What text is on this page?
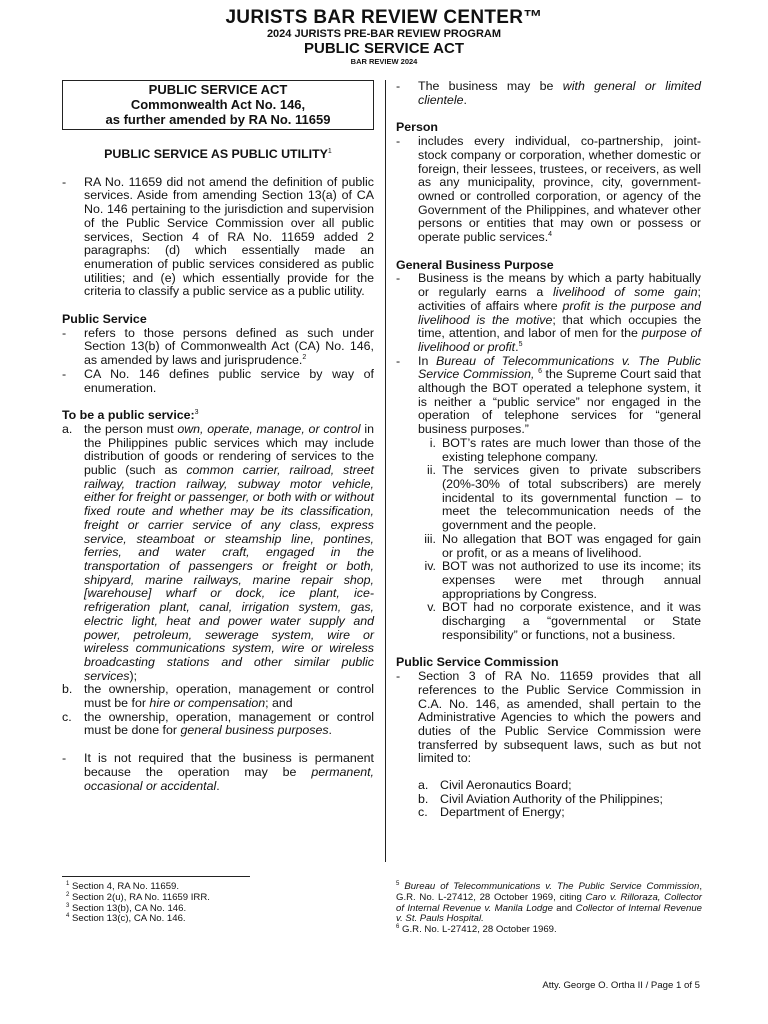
JURISTS BAR REVIEW CENTER™
2024 JURISTS PRE-BAR REVIEW PROGRAM
PUBLIC SERVICE ACT
BAR REVIEW 2024
PUBLIC SERVICE ACT
Commonwealth Act No. 146,
as further amended by RA No. 11659
PUBLIC SERVICE AS PUBLIC UTILITY$^1$
-	RA No. 11659 did not amend the definition of public services. Aside from amending Section 13(a) of CA No. 146 pertaining to the jurisdiction and supervision of the Public Service Commission over all public services, Section 4 of RA No. 11659 added 2 paragraphs: (d) which essentially made an enumeration of public services considered as public utilities; and (e) which essentially provide for the criteria to classify a public service as a public utility.
Public Service
-	refers to those persons defined as such under Section 13(b) of Commonwealth Act (CA) No. 146, as amended by laws and jurisprudence.$^2$
-	CA No. 146 defines public service by way of enumeration.
To be a public service:$^3$
a. the person must own, operate, manage, or control in the Philippines public services which may include distribution of goods or rendering of services to the public (such as common carrier, railroad, street railway, traction railway, subway motor vehicle, either for freight or passenger, or both with or without fixed route and whether may be its classification, freight or carrier service of any class, express service, steamboat or steamship line, pontines, ferries, and water craft, engaged in the transportation of passengers or freight or both, shipyard, marine railways, marine repair shop, [warehouse] wharf or dock, ice plant, ice-refrigeration plant, canal, irrigation system, gas, electric light, heat and power water supply and power, petroleum, sewerage system, wire or wireless communications system, wire or wireless broadcasting stations and other similar public services);
b. the ownership, operation, management or control must be for hire or compensation; and
c. the ownership, operation, management or control must be done for general business purposes.
-	It is not required that the business is permanent because the operation may be permanent, occasional or accidental.
-	The business may be with general or limited clientele.
Person
-	includes every individual, co-partnership, joint-stock company or corporation, whether domestic or foreign, their lessees, trustees, or receivers, as well as any municipality, province, city, government-owned or controlled corporation, or agency of the Government of the Philippines, and whatever other persons or entities that may own or possess or operate public services.$^4$
General Business Purpose
-	Business is the means by which a party habitually or regularly earns a livelihood of some gain; activities of affairs where profit is the purpose and livelihood is the motive; that which occupies the time, attention, and labor of men for the purpose of livelihood or profit.$^5$
-	In Bureau of Telecommunications v. The Public Service Commission, $^6$ the Supreme Court said that although the BOT operated a telephone system, it is neither a “public service” nor engaged in the operation of telephone services for “general business purposes.”
i. BOT’s rates are much lower than those of the existing telephone company.
ii. The services given to private subscribers (20%-30% of total subscribers) are merely incidental to its governmental function – to meet the telecommunication needs of the government and the people.
iii. No allegation that BOT was engaged for gain or profit, or as a means of livelihood.
iv. BOT was not authorized to use its income; its expenses were met through annual appropriations by Congress.
v. BOT had no corporate existence, and it was discharging a “governmental or State responsibility” or functions, not a business.
Public Service Commission
-	Section 3 of RA No. 11659 provides that all references to the Public Service Commission in C.A. No. 146, as amended, shall pertain to the Administrative Agencies to which the powers and duties of the Public Service Commission were transferred by subsequent laws, such as but not limited to:
a. Civil Aeronautics Board;
b. Civil Aviation Authority of the Philippines;
c. Department of Energy;
$^1$ Section 4, RA No. 11659.
$^2$ Section 2(u), RA No. 11659 IRR.
$^3$ Section 13(b), CA No. 146.
$^4$ Section 13(c), CA No. 146.
$^5$ Bureau of Telecommunications v. The Public Service Commission, G.R. No. L-27412, 28 October 1969, citing Caro v. Rilloraza, Collector of Internal Revenue v. Manila Lodge and Collector of Internal Revenue v. St. Pauls Hospital.
$^6$ G.R. No. L-27412, 28 October 1969.
Atty. George O. Ortha II / Page 1 of 5
